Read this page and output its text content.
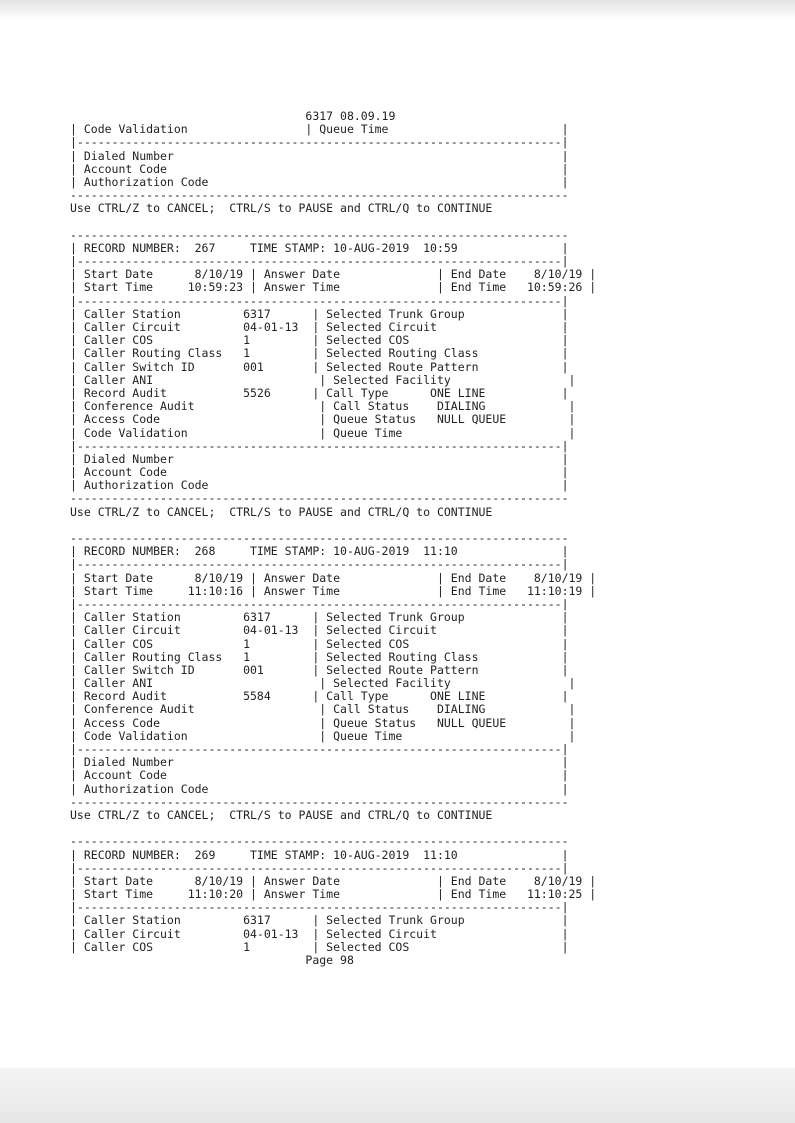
6317 08.09.19
| Code Validation                 | Queue Time                         |
|----------------------------------------------------------------------|
| Dialed Number                                                        |
| Account Code                                                         |
| Authorization Code                                                   |
------------------------------------------------------------------------
Use CTRL/Z to CANCEL;  CTRL/S to PAUSE and CTRL/Q to CONTINUE
------------------------------------------------------------------------
| RECORD NUMBER:  267     TIME STAMP: 10-AUG-2019  10:59               |
|----------------------------------------------------------------------|
| Start Date      8/10/19 | Answer Date              | End Date    8/10/19 |
| Start Time     10:59:23 | Answer Time              | End Time   10:59:26 |
|----------------------------------------------------------------------|
| Caller Station         6317      | Selected Trunk Group              |
| Caller Circuit         04-01-13  | Selected Circuit                  |
| Caller COS             1         | Selected COS                      |
| Caller Routing Class   1         | Selected Routing Class            |
| Caller Switch ID       001       | Selected Route Pattern            |
| Caller ANI                        | Selected Facility                 |
| Record Audit           5526      | Call Type      ONE LINE           |
| Conference Audit                  | Call Status    DIALING            |
| Access Code                       | Queue Status   NULL QUEUE         |
| Code Validation                   | Queue Time                        |
|----------------------------------------------------------------------|
| Dialed Number                                                        |
| Account Code                                                         |
| Authorization Code                                                   |
------------------------------------------------------------------------
Use CTRL/Z to CANCEL;  CTRL/S to PAUSE and CTRL/Q to CONTINUE
------------------------------------------------------------------------
| RECORD NUMBER:  268     TIME STAMP: 10-AUG-2019  11:10               |
|----------------------------------------------------------------------|
| Start Date      8/10/19 | Answer Date              | End Date    8/10/19 |
| Start Time     11:10:16 | Answer Time              | End Time   11:10:19 |
|----------------------------------------------------------------------|
| Caller Station         6317      | Selected Trunk Group              |
| Caller Circuit         04-01-13  | Selected Circuit                  |
| Caller COS             1         | Selected COS                      |
| Caller Routing Class   1         | Selected Routing Class            |
| Caller Switch ID       001       | Selected Route Pattern            |
| Caller ANI                        | Selected Facility                 |
| Record Audit           5584      | Call Type      ONE LINE           |
| Conference Audit                  | Call Status    DIALING            |
| Access Code                       | Queue Status   NULL QUEUE         |
| Code Validation                   | Queue Time                        |
|----------------------------------------------------------------------|
| Dialed Number                                                        |
| Account Code                                                         |
| Authorization Code                                                   |
------------------------------------------------------------------------
Use CTRL/Z to CANCEL;  CTRL/S to PAUSE and CTRL/Q to CONTINUE
------------------------------------------------------------------------
| RECORD NUMBER:  269     TIME STAMP: 10-AUG-2019  11:10               |
|----------------------------------------------------------------------|
| Start Date      8/10/19 | Answer Date              | End Date    8/10/19 |
| Start Time     11:10:20 | Answer Time              | End Time   11:10:25 |
|----------------------------------------------------------------------|
| Caller Station         6317      | Selected Trunk Group              |
| Caller Circuit         04-01-13  | Selected Circuit                  |
| Caller COS             1         | Selected COS                      |
Page 98
